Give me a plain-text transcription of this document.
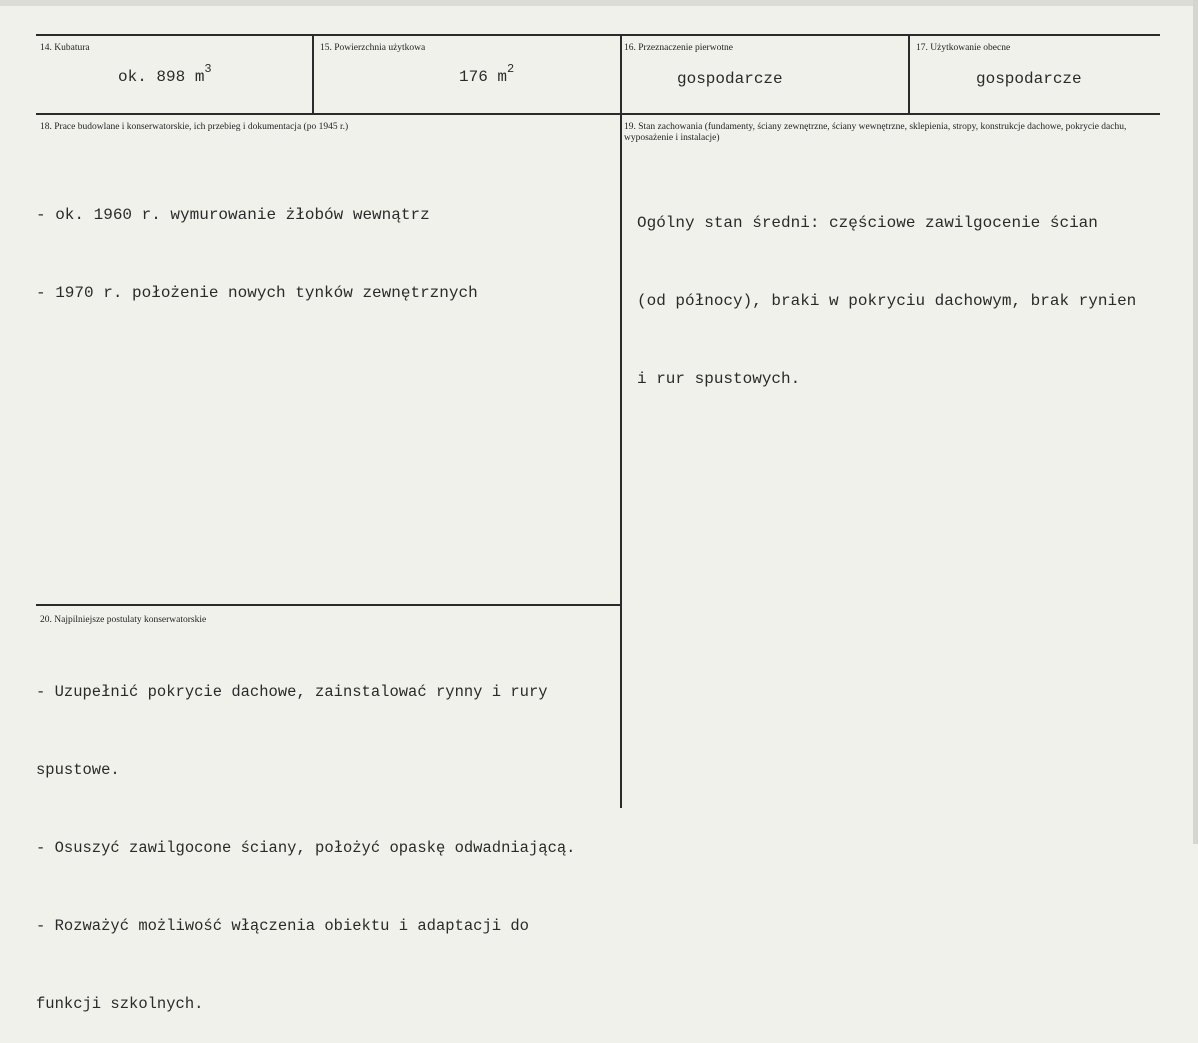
14. Kubatura
ok. 898 $m^3$
15. Powierzchnia użytkowa
176 $m^2$
16. Przeznaczenie pierwotne
gospodarcze
17. Użytkowanie obecne
gospodarcze
18. Prace budowlane i konserwatorskie, ich przebieg i dokumentacja (po 1945 r.)

- ok. 1960 r. wymurowanie żłobów wewnątrz

- 1970 r. położenie nowych tynków zewnętrznych

19. Stan zachowania (fundamenty, ściany zewnętrzne, ściany wewnętrzne, sklepienia, stropy, konstrukcje dachowe, pokrycie dachu, wyposażenie i instalacje)

Ogólny stan średni: częściowe zawilgocenie ścian

(od północy), braki w pokryciu dachowym, brak rynien

i rur spustowych.

20. Najpilniejsze postulaty konserwatorskie

- Uzupełnić pokrycie dachowe, zainstalować rynny i rury

spustowe.

- Osuszyć zawilgocone ściany, położyć opaskę odwadniającą.

- Rozważyć możliwość włączenia obiektu i adaptacji do

funkcji szkolnych.
